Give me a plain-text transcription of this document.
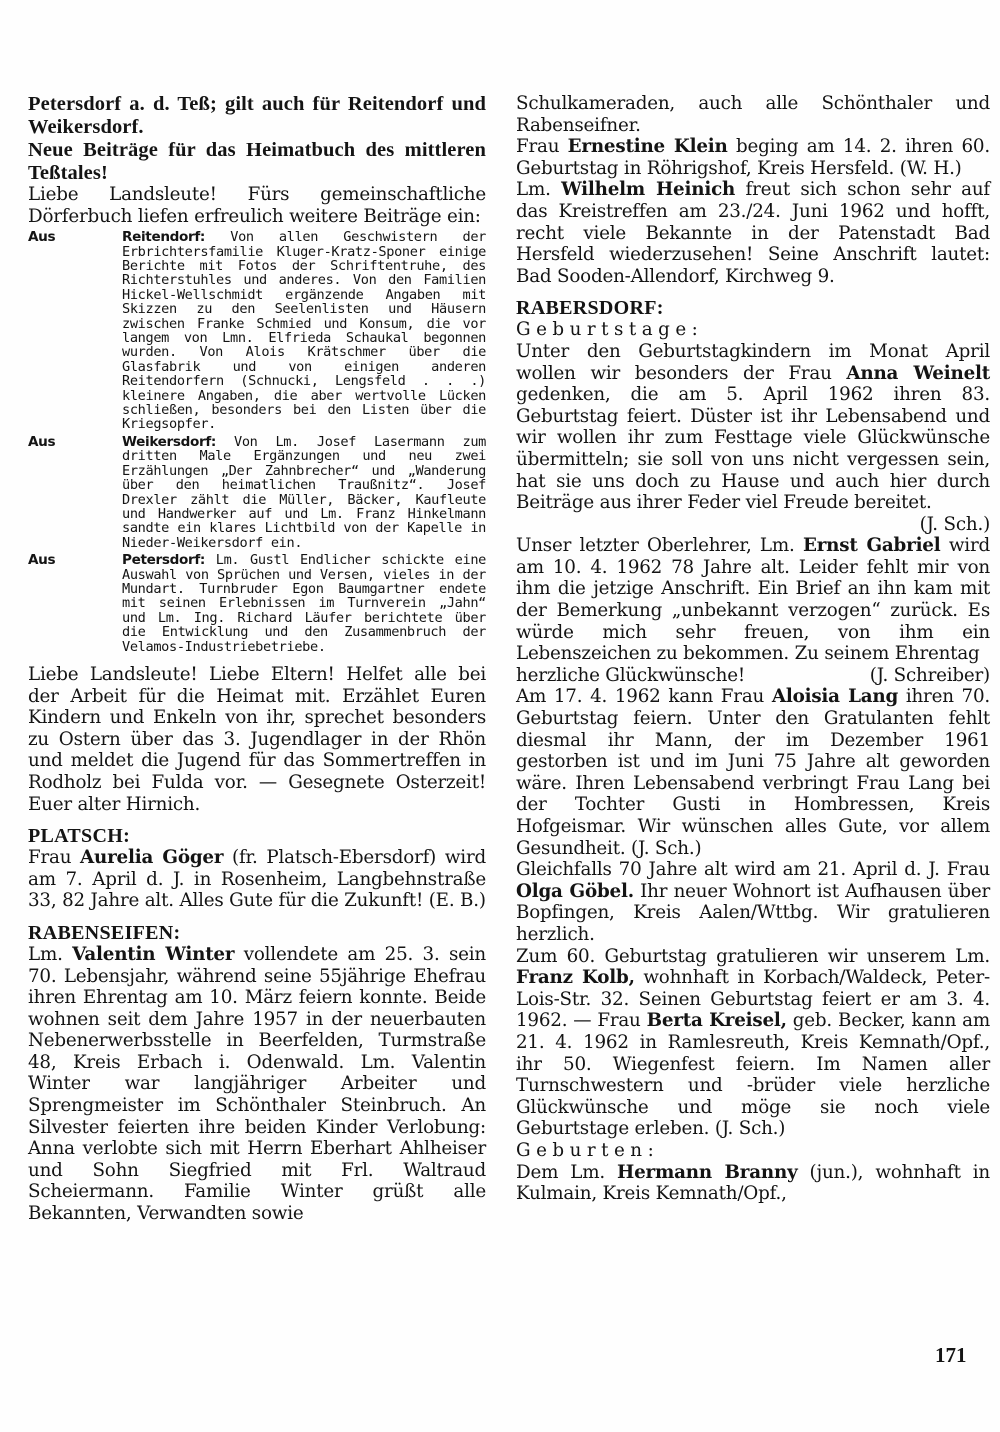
Petersdorf a. d. Teß; gilt auch für Reitendorf und Weikersdorf.

Neue Beiträge für das Heimatbuch des mittleren Teßtales!

Liebe Landsleute! Fürs gemeinschaftliche Dörferbuch liefen erfreulich weitere Beiträge ein:

Aus	Reitendorf: Von allen Geschwistern der Erbrichtersfamilie Kluger-Kratz-Sponer einige Berichte mit Fotos der Schriftentruhe, des Richterstuhles und anderes. Von den Familien Hickel-Wellschmidt ergänzende Angaben mit Skizzen zu den Seelenlisten und Häusern zwischen Franke Schmied und Konsum, die vor langem von Lmn. Elfrieda Schaukal begonnen wurden. Von Alois Krätschmer über die Glasfabrik und von einigen anderen Reitendorfern (Schnucki, Lengsfeld . . .) kleinere Angaben, die aber wertvolle Lücken schließen, besonders bei den Listen über die Kriegsopfer.
Aus	Weikersdorf: Von Lm. Josef Lasermann zum dritten Male Ergänzungen und neu zwei Erzählungen „Der Zahnbrecher“ und „Wanderung über den heimatlichen Traußnitz“. Josef Drexler zählt die Müller, Bäcker, Kaufleute und Handwerker auf und Lm. Franz Hinkelmann sandte ein klares Lichtbild von der Kapelle in Nieder-Weikersdorf ein.
Aus	Petersdorf: Lm. Gustl Endlicher schickte eine Auswahl von Sprüchen und Versen, vieles in der Mundart. Turnbruder Egon Baumgartner endete mit seinen Erlebnissen im Turnverein „Jahn“ und Lm. Ing. Richard Läufer berichtete über die Entwicklung und den Zusammenbruch der Velamos-Industriebetriebe.

Liebe Landsleute! Liebe Eltern! Helfet alle bei der Arbeit für die Heimat mit. Erzählet Euren Kindern und Enkeln von ihr, sprechet besonders zu Ostern über das 3. Jugendlager in der Rhön und meldet die Jugend für das Sommertreffen in Rodholz bei Fulda vor. — Gesegnete Osterzeit! Euer alter Hirnich.

PLATSCH:

Frau Aurelia Göger (fr. Platsch-Ebersdorf) wird am 7. April d. J. in Rosenheim, Langbehnstraße 33, 82 Jahre alt. Alles Gute für die Zukunft! (E. B.)

RABENSEIFEN:

Lm. Valentin Winter vollendete am 25. 3. sein 70. Lebensjahr, während seine 55jährige Ehefrau ihren Ehrentag am 10. März feiern konnte. Beide wohnen seit dem Jahre 1957 in der neuerbauten Nebenerwerbsstelle in Beerfelden, Turmstraße 48, Kreis Erbach i. Odenwald. Lm. Valentin Winter war langjähriger Arbeiter und Sprengmeister im Schönthaler Steinbruch. An Silvester feierten ihre beiden Kinder Verlobung: Anna verlobte sich mit Herrn Eberhart Ahlheiser und Sohn Siegfried mit Frl. Waltraud Scheiermann. Familie Winter grüßt alle Bekannten, Verwandten sowie

Schulkameraden, auch alle Schönthaler und Rabenseifner.

Frau Ernestine Klein beging am 14. 2. ihren 60. Geburtstag in Röhrigshof, Kreis Hersfeld. (W. H.)

Lm. Wilhelm Heinich freut sich schon sehr auf das Kreistreffen am 23./24. Juni 1962 und hofft, recht viele Bekannte in der Patenstadt Bad Hersfeld wiederzusehen! Seine Anschrift lautet: Bad Sooden-Allendorf, Kirchweg 9.

RABERSDORF:

Geburtstage:

Unter den Geburtstagkindern im Monat April wollen wir besonders der Frau Anna Weinelt gedenken, die am 5. April 1962 ihren 83. Geburtstag feiert. Düster ist ihr Lebensabend und wir wollen ihr zum Festtage viele Glückwünsche übermitteln; sie soll von uns nicht vergessen sein, hat sie uns doch zu Hause und auch hier durch Beiträge aus ihrer Feder viel Freude bereitet.

(J. Sch.)

Unser letzter Oberlehrer, Lm. Ernst Gabriel wird am 10. 4. 1962 78 Jahre alt. Leider fehlt mir von ihm die jetzige Anschrift. Ein Brief an ihn kam mit der Bemerkung „unbekannt verzogen“ zurück. Es würde mich sehr freuen, von ihm ein Lebenszeichen zu bekommen. Zu seinem Ehrentag

herzliche Glückwünsche!	(J. Schreiber)

Am 17. 4. 1962 kann Frau Aloisia Lang ihren 70. Geburtstag feiern. Unter den Gratulanten fehlt diesmal ihr Mann, der im Dezember 1961 gestorben ist und im Juni 75 Jahre alt geworden wäre. Ihren Lebensabend verbringt Frau Lang bei der Tochter Gusti in Hombressen, Kreis Hofgeismar. Wir wünschen alles Gute, vor allem Gesundheit. (J. Sch.)

Gleichfalls 70 Jahre alt wird am 21. April d. J. Frau Olga Göbel. Ihr neuer Wohnort ist Aufhausen über Bopfingen, Kreis Aalen/Wttbg. Wir gratulieren herzlich.

Zum 60. Geburtstag gratulieren wir unserem Lm. Franz Kolb, wohnhaft in Korbach/Waldeck, Peter-Lois-Str. 32. Seinen Geburtstag feiert er am 3. 4. 1962. — Frau Berta Kreisel, geb. Becker, kann am 21. 4. 1962 in Ramlesreuth, Kreis Kemnath/Opf., ihr 50. Wiegenfest feiern. Im Namen aller Turnschwestern und -brüder viele herzliche Glückwünsche und möge sie noch viele Geburtstage erleben. (J. Sch.)

Geburten:

Dem Lm. Hermann Branny (jun.), wohnhaft in Kulmain, Kreis Kemnath/Opf.,

171
